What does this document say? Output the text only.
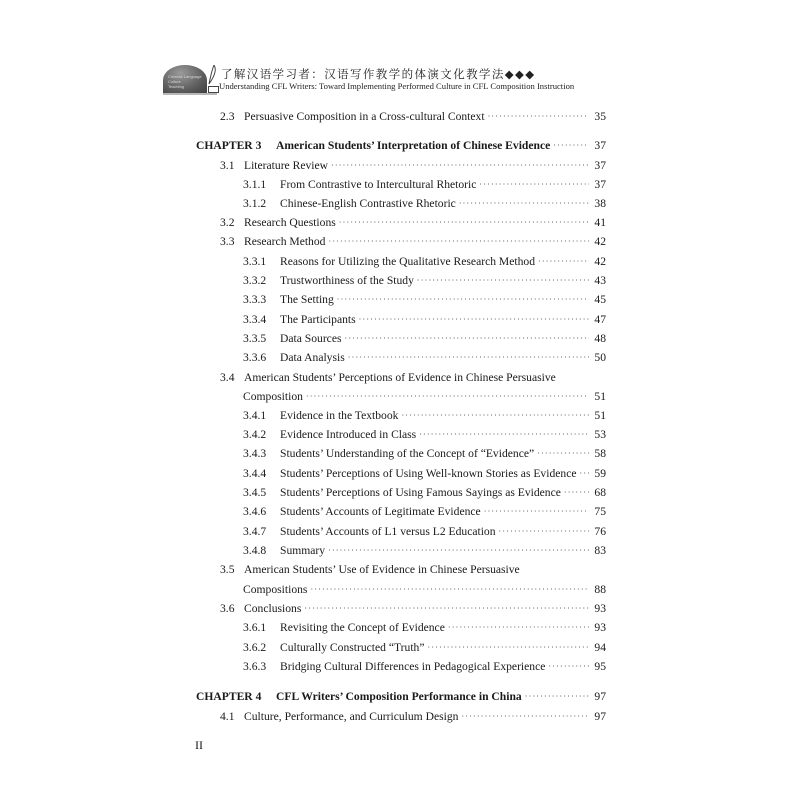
Chinese Language
Culture
Teaching
了解汉语学习者：汉语写作教学的体演文化教学法◆◆◆
Understanding CFL Writers: Toward Implementing Performed Culture in CFL Composition Instruction
2.3 Persuasive Composition in a Cross-cultural Context ·····	35
CHAPTER 3	American Students’ Interpretation of Chinese Evidence ·····	37
3.1 Literature Review ·····	37
3.1.1	From Contrastive to Intercultural Rhetoric ·····	37
3.1.2	Chinese-English Contrastive Rhetoric ·····	38
3.2 Research Questions ·····	41
3.3 Research Method ·····	42
3.3.1	Reasons for Utilizing the Qualitative Research Method ·····	42
3.3.2	Trustworthiness of the Study ·····	43
3.3.3	The Setting ·····	45
3.3.4	The Participants ·····	47
3.3.5	Data Sources ·····	48
3.3.6	Data Analysis ·····	50
3.4 American Students’ Perceptions of Evidence in Chinese Persuasive
Composition ·····	51
3.4.1	Evidence in the Textbook ·····	51
3.4.2	Evidence Introduced in Class ·····	53
3.4.3	Students’ Understanding of the Concept of “Evidence” ·····	58
3.4.4	Students’ Perceptions of Using Well-known Stories as Evidence ····· 59
3.4.5	Students’ Perceptions of Using Famous Sayings as Evidence ·····	68
3.4.6	Students’ Accounts of Legitimate Evidence ·····	75
3.4.7	Students’ Accounts of L1 versus L2 Education ·····	76
3.4.8	Summary ·····	83
3.5 American Students’ Use of Evidence in Chinese Persuasive
Compositions ·····	88
3.6 Conclusions ·····	93
3.6.1	Revisiting the Concept of Evidence ·····	93
3.6.2	Culturally Constructed “Truth” ·····	94
3.6.3	Bridging Cultural Differences in Pedagogical Experience ·····	95
CHAPTER 4	CFL Writers’ Composition Performance in China ·····	97
4.1 Culture, Performance, and Curriculum Design ·····	97
II
